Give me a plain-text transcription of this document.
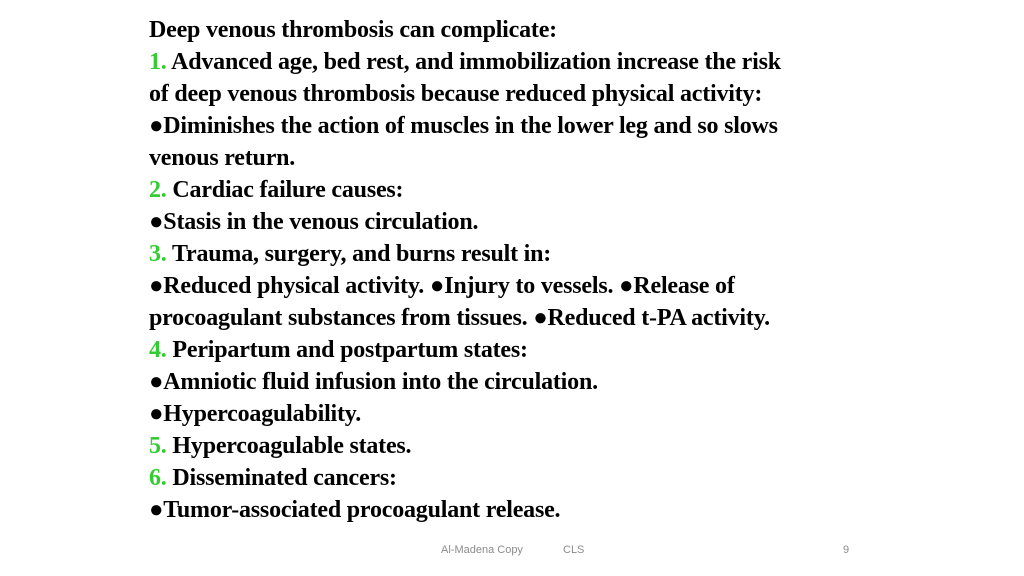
Deep venous thrombosis can complicate:
1. Advanced age, bed rest, and immobilization increase the risk
of deep venous thrombosis because reduced physical activity:
●Diminishes the action of muscles in the lower leg and so slows
venous return.
2. Cardiac failure causes:
●Stasis in the venous circulation.
3. Trauma, surgery, and burns result in:
●Reduced physical activity. ●Injury to vessels. ●Release of
procoagulant substances from tissues. ●Reduced t-PA activity.
4. Peripartum and postpartum states:
●Amniotic fluid infusion into the circulation.
●Hypercoagulability.
5. Hypercoagulable states.
6. Disseminated cancers:
●Tumor-associated procoagulant release.
Al-Madena Copy	CLS	9
